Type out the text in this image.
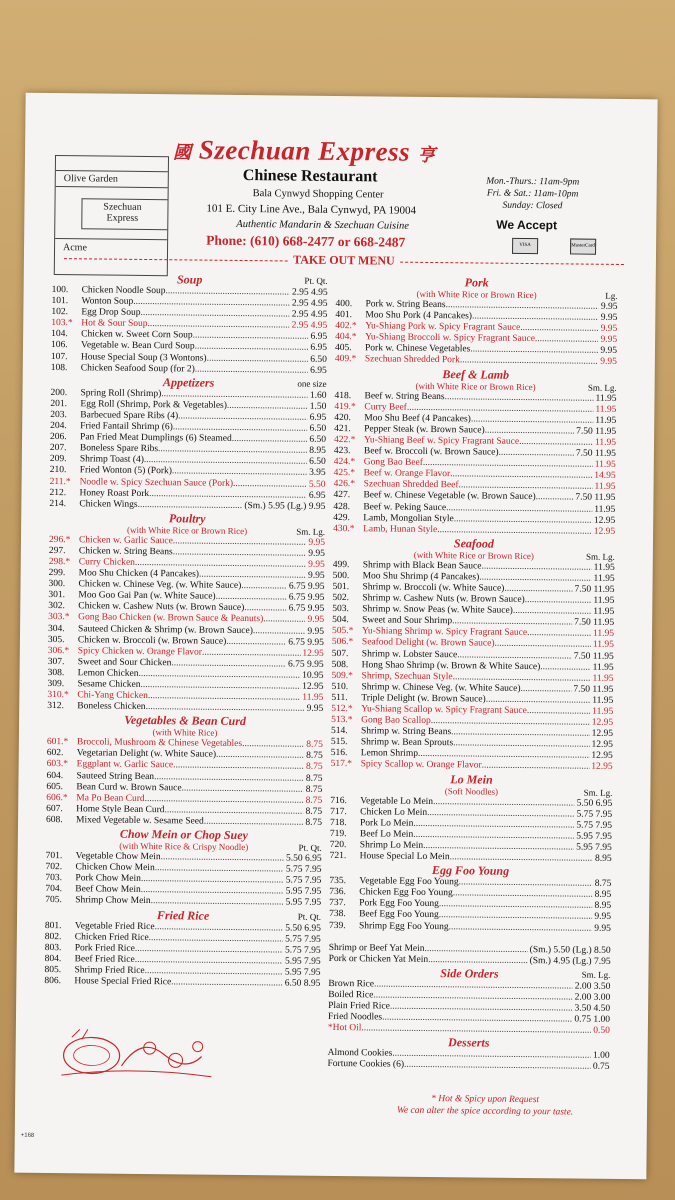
Olive Garden
Szechuan Express
Acme
國 Szechuan Express 亨
Chinese Restaurant
Bala Cynwyd Shopping Center
101 E. City Line Ave., Bala Cynwyd, PA 19004
Authentic Mandarin & Szechuan Cuisine
Phone: (610) 668-2477 or 668-2487
Mon.-Thurs.: 11am-9pm
Fri. & Sat.: 11am-10pm
Sunday: Closed
We Accept
VISA	MasterCard
TAKE OUT MENU
Soup	Pt. Qt.
100.	Chicken Noodle Soup .....	2.95 4.95
101.	Wonton Soup .....	2.95 4.95
102.	Egg Drop Soup .....	2.95 4.95
103.* Hot & Sour Soup .....	2.95 4.95
104.	Chicken w. Sweet Corn Soup .....	6.95
106.	Vegetable w. Bean Curd Soup .....	6.95
107.	House Special Soup (3 Wontons) .....	6.50
108.	Chicken Seafood Soup (for 2) .....	6.95
Appetizers	one size
200.	Spring Roll (Shrimp) .....	1.60
201.	Egg Roll (Shrimp, Pork & Vegetables) .....	1.50
203.	Barbecued Spare Ribs (4) .....	6.95
204.	Fried Fantail Shrimp (6) .....	6.50
206.	Pan Fried Meat Dumplings (6) Steamed .....	6.50
207.	Boneless Spare Ribs .....	8.95
209.	Shrimp Toast (4) .....	6.50
210.	Fried Wonton (5) (Pork) .....	3.95
211.* Noodle w. Spicy Szechuan Sauce (Pork) .....	5.50
212.	Honey Roast Pork .....	6.95
214.	Chicken Wings .....	(Sm.) 5.95 (Lg.) 9.95
Poultry
(with White Rice or Brown Rice)	Sm. Lg.
296.* Chicken w. Garlic Sauce .....	9.95
297.	Chicken w. String Beans .....	9.95
298.* Curry Chicken .....	9.95
299.	Moo Shu Chicken (4 Pancakes) .....	9.95
300.	Chicken w. Chinese Veg. (w. White Sauce) .....	6.75 9.95
301.	Moo Goo Gai Pan (w. White Sauce) .....	6.75 9.95
302.	Chicken w. Cashew Nuts (w. Brown Sauce) .....	6.75 9.95
303.* Gong Bao Chicken (w. Brown Sauce & Peanuts) .....	9.95
304.	Sauteed Chicken & Shrimp (w. Brown Sauce) .....	9.95
305.	Chicken w. Broccoli (w. Brown Sauce) .....	6.75 9.95
306.* Spicy Chicken w. Orange Flavor .....	12.95
307.	Sweet and Sour Chicken .....	6.75 9.95
308.	Lemon Chicken .....	10.95
309.	Sesame Chicken .....	12.95
310.* Chi-Yang Chicken .....	11.95
312.	Boneless Chicken .....	9.95
Vegetables & Bean Curd
(with White Rice)
601.* Broccoli, Mushroom & Chinese Vegetables .....	8.75
602.	Vegetarian Delight (w. White Sauce) .....	8.75
603.* Eggplant w. Garlic Sauce .....	8.75
604.	Sauteed String Bean .....	8.75
605.	Bean Curd w. Brown Sauce .....	8.75
606.* Ma Po Bean Curd .....	8.75
607.	Home Style Bean Curd .....	8.75
608.	Mixed Vegetable w. Sesame Seed .....	8.75
Chow Mein or Chop Suey
(with White Rice & Crispy Noodle)	Pt. Qt.
701.	Vegetable Chow Mein .....	5.50 6.95
702.	Chicken Chow Mein .....	5.75 7.95
703.	Pork Chow Mein .....	5.75 7.95
704.	Beef Chow Mein .....	5.95 7.95
705.	Shrimp Chow Mein .....	5.95 7.95
Fried Rice	Pt. Qt.
801.	Vegetable Fried Rice .....	5.50 6.95
802.	Chicken Fried Rice .....	5.75 7.95
803.	Pork Fried Rice .....	5.75 7.95
804.	Beef Fried Rice .....	5.95 7.95
805.	Shrimp Fried Rice .....	5.95 7.95
806.	House Special Fried Rice .....	6.50 8.95
Pork
(with White Rice or Brown Rice)	Lg.
400.	Pork w. String Beans .....	9.95
401.	Moo Shu Pork (4 Pancakes) .....	9.95
402.* Yu-Shiang Pork w. Spicy Fragrant Sauce .....	9.95
404.* Yu-Shiang Broccoli w. Spicy Fragrant Sauce .....	9.95
405.	Pork w. Chinese Vegetables .....	9.95
409.* Szechuan Shredded Pork .....	9.95
Beef & Lamb
(with White Rice or Brown Rice)	Sm. Lg.
418.	Beef w. String Beans .....	11.95
419.* Curry Beef .....	11.95
420.	Moo Shu Beef (4 Pancakes) .....	11.95
421.	Pepper Steak (w. Brown Sauce) .....	7.50 11.95
422.* Yu-Shiang Beef w. Spicy Fragrant Sauce .....	11.95
423.	Beef w. Broccoli (w. Brown Sauce) .....	7.50 11.95
424.* Gong Bao Beef .....	11.95
425.* Beef w. Orange Flavor .....	14.95
426.* Szechuan Shredded Beef .....	11.95
427.	Beef w. Chinese Vegetable (w. Brown Sauce) .....	7.50 11.95
428.	Beef w. Peking Sauce .....	11.95
429.	Lamb, Mongolian Style .....	12.95
430.* Lamb, Hunan Style .....	12.95
Seafood
(with White Rice or Brown Rice)	Sm. Lg.
499.	Shrimp with Black Bean Sauce .....	11.95
500.	Moo Shu Shrimp (4 Pancakes) .....	11.95
501.	Shrimp w. Broccoli (w. White Sauce) .....	7.50 11.95
502.	Shrimp w. Cashew Nuts (w. Brown Sauce) .....	11.95
503.	Shrimp w. Snow Peas (w. White Sauce) .....	11.95
504.	Sweet and Sour Shrimp .....	7.50 11.95
505.* Yu-Shiang Shrimp w. Spicy Fragrant Sauce .....	11.95
506.* Seafood Delight (w. Brown Sauce) .....	11.95
507.	Shrimp w. Lobster Sauce .....	7.50 11.95
508.	Hong Shao Shrimp (w. Brown & White Sauce) .....	11.95
509.* Shrimp, Szechuan Style .....	11.95
510.	Shrimp w. Chinese Veg. (w. White Sauce) .....	7.50 11.95
511.	Triple Delight (w. Brown Sauce) .....	11.95
512.* Yu-Shiang Scallop w. Spicy Fragrant Sauce .....	11.95
513.* Gong Bao Scallop .....	12.95
514.	Shrimp w. String Beans .....	12.95
515.	Shrimp w. Bean Sprouts .....	12.95
516.	Lemon Shrimp .....	12.95
517.* Spicy Scallop w. Orange Flavor .....	12.95
Lo Mein
(Soft Noodles)	Sm. Lg.
716.	Vegetable Lo Mein .....	5.50 6.95
717.	Chicken Lo Mein .....	5.75 7.95
718.	Pork Lo Mein .....	5.75 7.95
719.	Beef Lo Mein .....	5.95 7.95
720.	Shrimp Lo Mein .....	5.95 7.95
721.	House Special Lo Mein .....	8.95
Egg Foo Young
735.	Vegetable Egg Foo Young .....	8.75
736.	Chicken Egg Foo Young .....	8.95
737.	Pork Egg Foo Young .....	8.95
738.	Beef Egg Foo Young .....	9.95
739.	Shrimp Egg Foo Young .....	9.95
Shrimp or Beef Yat Mein .....	(Sm.) 5.50 (Lg.) 8.50
Pork or Chicken Yat Mein .....	(Sm.) 4.95 (Lg.) 7.95
Side Orders	Sm. Lg.
Brown Rice .....	2.00 3.50
Boiled Rice .....	2.00 3.00
Plain Fried Rice .....	3.50 4.50
Fried Noodles .....	0.75 1.00
*Hot Oil .....	0.50
Desserts
Almond Cookies .....	1.00
Fortune Cookies (6) .....	0.75
* Hot & Spicy upon Request
We can alter the spice according to your taste.
+168
